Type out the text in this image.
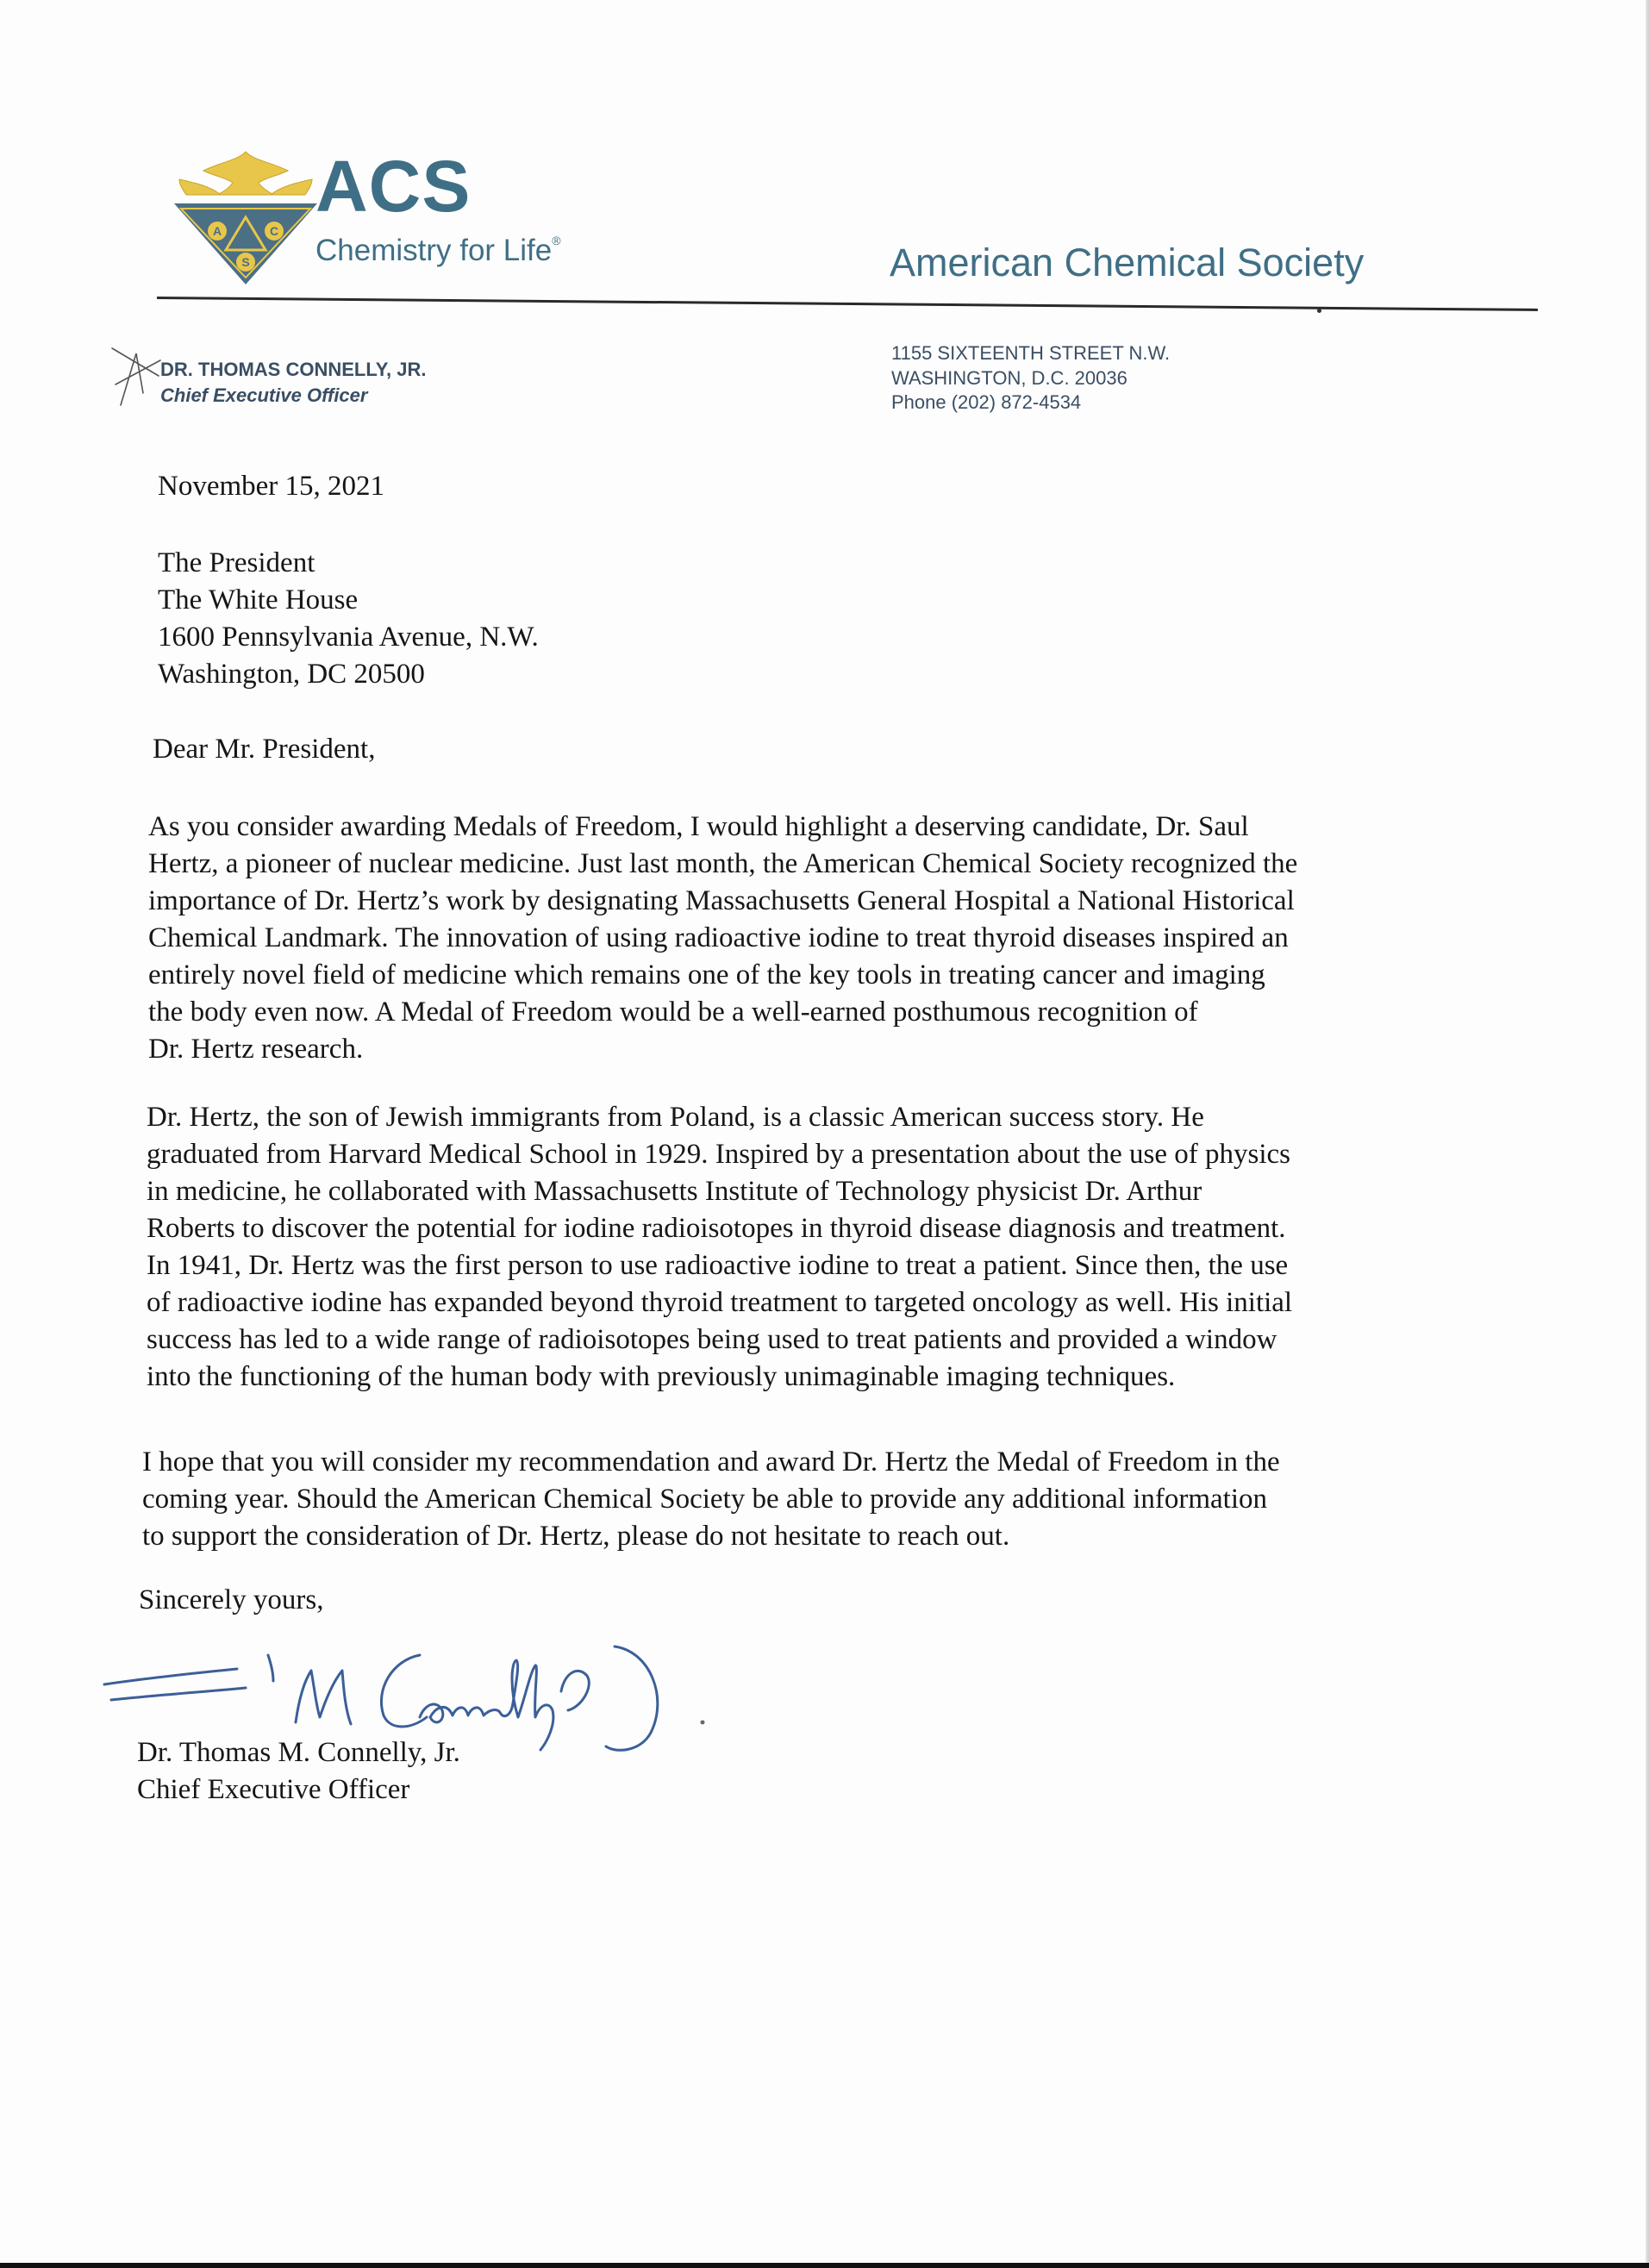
A	C
S
ACS
Chemistry for Life®	American Chemical Society
DR. THOMAS CONNELLY, JR.
Chief Executive Officer
1155 SIXTEENTH STREET N.W.
WASHINGTON, D.C. 20036
Phone (202) 872-4534
November 15, 2021
The President
The White House
1600 Pennsylvania Avenue, N.W.
Washington, DC 20500
Dear Mr. President,
As you consider awarding Medals of Freedom, I would highlight a deserving candidate, Dr. Saul
Hertz, a pioneer of nuclear medicine. Just last month, the American Chemical Society recognized the
importance of Dr. Hertz’s work by designating Massachusetts General Hospital a National Historical
Chemical Landmark. The innovation of using radioactive iodine to treat thyroid diseases inspired an
entirely novel field of medicine which remains one of the key tools in treating cancer and imaging
the body even now. A Medal of Freedom would be a well-earned posthumous recognition of
Dr. Hertz research.
Dr. Hertz, the son of Jewish immigrants from Poland, is a classic American success story. He
graduated from Harvard Medical School in 1929. Inspired by a presentation about the use of physics
in medicine, he collaborated with Massachusetts Institute of Technology physicist Dr. Arthur
Roberts to discover the potential for iodine radioisotopes in thyroid disease diagnosis and treatment.
In 1941, Dr. Hertz was the first person to use radioactive iodine to treat a patient. Since then, the use
of radioactive iodine has expanded beyond thyroid treatment to targeted oncology as well. His initial
success has led to a wide range of radioisotopes being used to treat patients and provided a window
into the functioning of the human body with previously unimaginable imaging techniques.
I hope that you will consider my recommendation and award Dr. Hertz the Medal of Freedom in the
coming year. Should the American Chemical Society be able to provide any additional information
to support the consideration of Dr. Hertz, please do not hesitate to reach out.
Sincerely yours,
Dr. Thomas M. Connelly, Jr.
Chief Executive Officer
